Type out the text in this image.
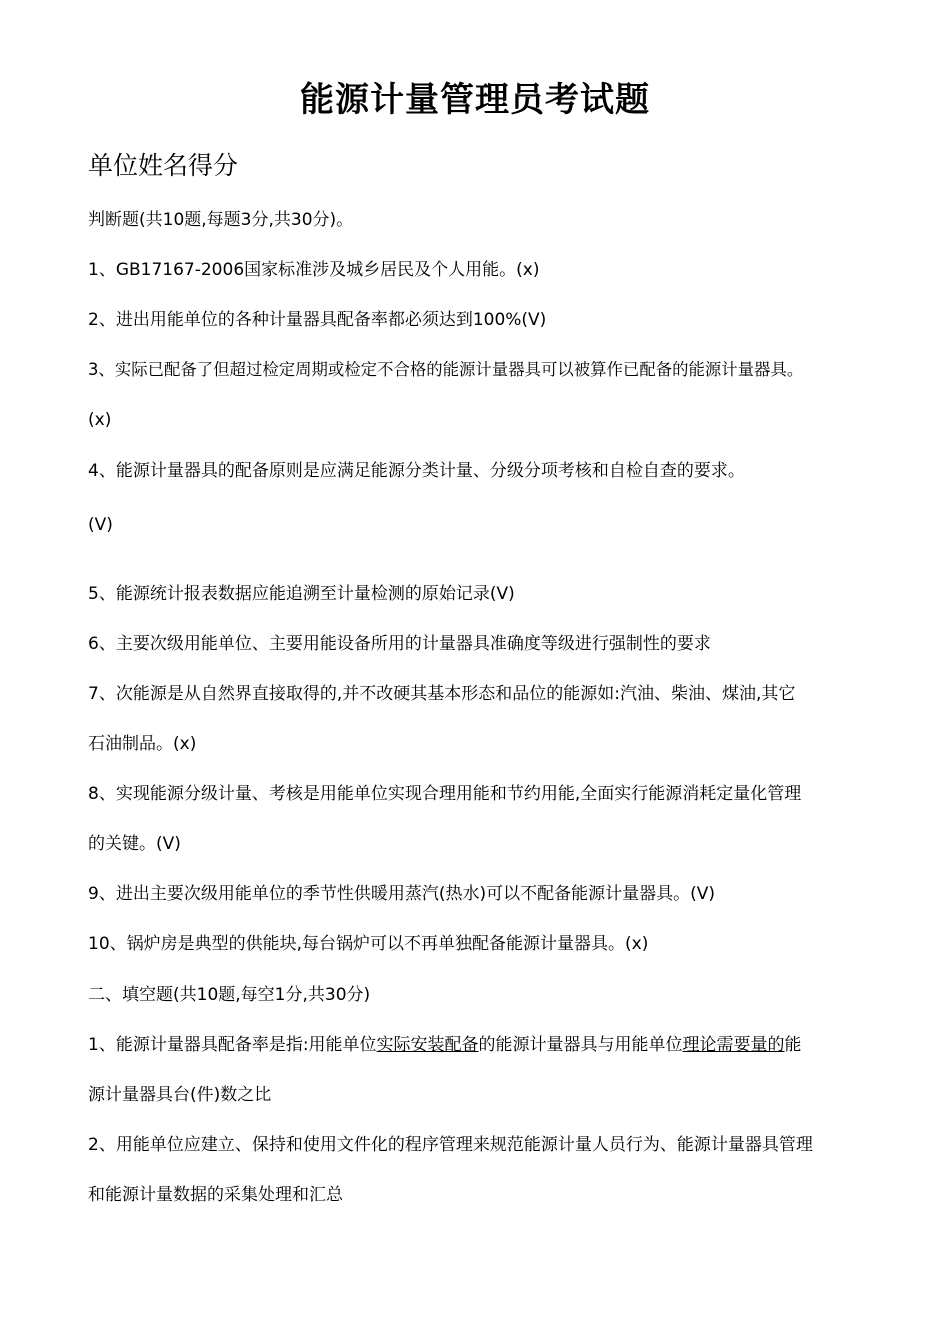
能源计量管理员考试题
单位姓名得分
判断题(共10题,每题3分,共30分)。
1、GB17167-2006国家标准涉及城乡居民及个人用能。(x)
2、进出用能单位的各种计量器具配备率都必须达到100%(V)
3、实际已配备了但超过检定周期或检定不合格的能源计量器具可以被算作已配备的能源计量器具。
(x)
4、能源计量器具的配备原则是应满足能源分类计量、分级分项考核和自检自查的要求。
(V)
5、能源统计报表数据应能追溯至计量检测的原始记录(V)
6、主要次级用能单位、主要用能设备所用的计量器具准确度等级进行强制性的要求
7、次能源是从自然界直接取得的,并不改硬其基本形态和品位的能源如:汽油、柴油、煤油,其它
石油制品。(x)
8、实现能源分级计量、考核是用能单位实现合理用能和节约用能,全面实行能源消耗定量化管理
的关键。(V)
9、进出主要次级用能单位的季节性供暖用蒸汽(热水)可以不配备能源计量器具。(V)
10、锅炉房是典型的供能块,每台锅炉可以不再单独配备能源计量器具。(x)
二、填空题(共10题,每空1分,共30分)
1、能源计量器具配备率是指:用能单位实际安装配备的能源计量器具与用能单位理论需要量的能
源计量器具台(件)数之比
2、用能单位应建立、保持和使用文件化的程序管理来规范能源计量人员行为、能源计量器具管理
和能源计量数据的采集处理和汇总
